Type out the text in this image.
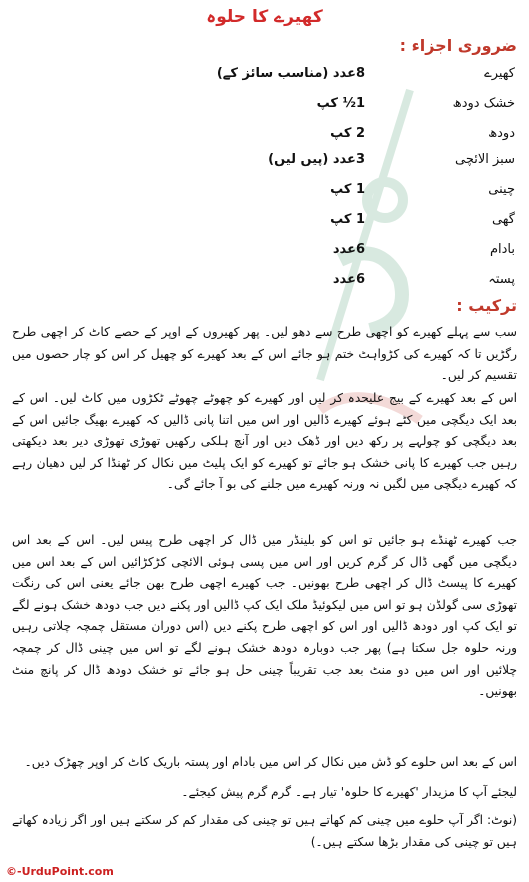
کھیرے کا حلوہ
ضروری اجزاء :
کھیرے
8عدد (مناسب سائز کے)
خشک دودھ
1½ کپ
دودھ
2 کپ
سبز الائچی
3عدد (پیں لیں)
چینی
1 کپ
گھی
1 کپ
بادام
6عدد
پستہ
6عدد
ترکیب :

سب سے پہلے کھیرے کو اچھی طرح سے دھو لیں۔ پھر کھیروں کے اوپر کے حصے کاٹ کر اچھی طرح رگڑیں تا کہ کھیرے کی کڑواہٹ ختم ہو جائے اس کے بعد کھیرے کو چھیل کر اس کو چار حصوں میں تقسیم کر لیں۔

اس کے بعد کھیرے کے بیج علیحدہ کر لیں اور کھیرے کو چھوٹے چھوٹے ٹکڑوں میں کاٹ لیں۔ اس کے بعد ایک دیگچی میں کٹے ہوئے کھیرے ڈالیں اور اس میں اتنا پانی ڈالیں کہ کھیرے بھیگ جائیں اس کے بعد دیگچی کو چولہے پر رکھ دیں اور ڈھک دیں اور آنچ ہلکی رکھیں تھوڑی تھوڑی دیر بعد دیکھتی رہیں جب کھیرے کا پانی خشک ہو جائے تو کھیرے کو ایک پلیٹ میں نکال کر ٹھنڈا کر لیں دھیان رہے کہ کھیرے دیگچی میں لگیں نہ ورنہ کھیرے میں جلنے کی بو آ جائے گی۔

جب کھیرے ٹھنڈے ہو جائیں تو اس کو بلینڈر میں ڈال کر اچھی طرح پیس لیں۔ اس کے بعد اس دیگچی میں گھی ڈال کر گرم کریں اور اس میں پسی ہوئی الائچی کڑکڑائیں اس کے بعد اس میں کھیرے کا پیسٹ ڈال کر اچھی طرح بھونیں۔ جب کھیرے اچھی طرح بھن جائے یعنی اس کی رنگت تھوڑی سی گولڈن ہو تو اس میں لیکوئیڈ ملک ایک کپ ڈالیں اور پکنے دیں جب دودھ خشک ہونے لگے تو ایک کپ اور دودھ ڈالیں اور اس کو اچھی طرح پکنے دیں (اس دوران مستقل چمچہ چلاتی رہیں ورنہ حلوہ جل سکتا ہے) پھر جب دوبارہ دودھ خشک ہونے لگے تو اس میں چینی ڈال کر چمچہ چلائیں اور اس میں دو منٹ بعد جب تقریباً چینی حل ہو جائے تو خشک دودھ ڈال کر پانچ منٹ بھونیں۔

اس کے بعد اس حلوے کو ڈش میں نکال کر اس میں بادام اور پستہ باریک کاٹ کر اوپر چھڑک دیں۔

لیجئے آپ کا مزیدار 'کھیرے کا حلوہ' تیار ہے۔ گرم گرم پیش کیجئے۔

(نوٹ: اگر آپ حلوے میں چینی کم کھاتے ہیں تو چینی کی مقدار کم کر سکتے ہیں اور اگر زیادہ کھاتے ہیں تو چینی کی مقدار بڑھا سکتے ہیں۔)

©-UrduPoint.com
